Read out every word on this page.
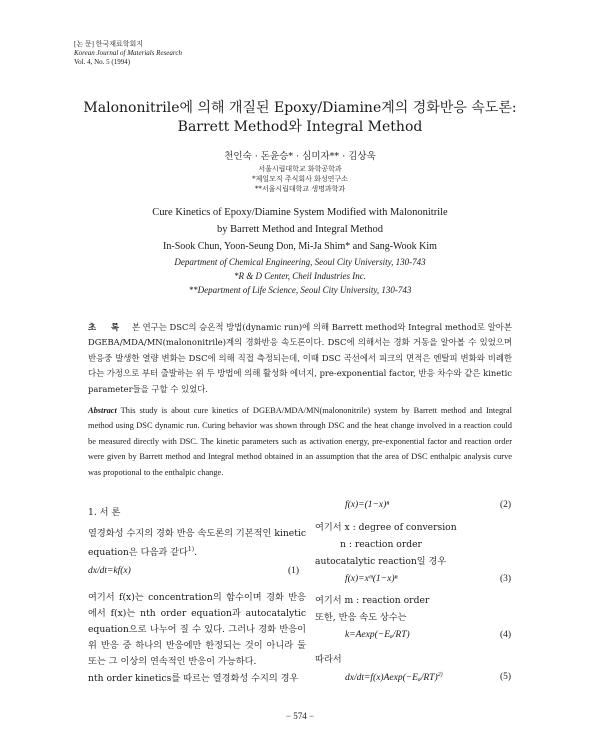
[논 문] 한국재료학회지
Korean Journal of Materials Research
Vol. 4, No. 5 (1994)
Malononitrile에 의해 개질된 Epoxy/Diamine계의 경화반응 속도론:
Barrett Method와 Integral Method
천인숙 · 돈윤승* · 심미자** · 김상욱
서울시립대학교 화학공학과
*제일모직 주식회사 화성연구소
**서울시립대학교 생명과학과
Cure Kinetics of Epoxy/Diamine System Modified with Malononitrile
by Barrett Method and Integral Method
In-Sook Chun, Yoon-Seung Don, Mi-Ja Shim* and Sang-Wook Kim
Department of Chemical Engineering, Seoul City University, 130-743
*R & D Center, Cheil Industries Inc.
**Department of Life Science, Seoul City University, 130-743
초 록 본 연구는 DSC의 승온적 방법(dynamic run)에 의해 Barrett method와 Integral method로 알아본 DGEBA/MDA/MN(malononitrile)계의 경화반응 속도론이다. DSC에 의해서는 경화 거동을 알아볼 수 있었으며 반응중 발생한 열량 변화는 DSC에 의해 직접 측정되는데, 이때 DSC 곡선에서 피크의 면적은 엔탈피 변화와 비례한다는 가정으로 부터 출발하는 위 두 방법에 의해 활성화 에너지, pre-exponential factor, 반응 차수와 같은 kinetic parameter들을 구할 수 있었다.
Abstract This study is about cure kinetics of DGEBA/MDA/MN(malononitrile) system by Barrett method and Integral method using DSC dynamic run. Curing behavior was shown through DSC and the heat change involved in a reaction could be measured directly with DSC. The kinetic parameters such as activation energy, pre-exponential factor and reaction order were given by Barrett method and Integral method obtained in an assumption that the area of DSC enthalpic analysis curve was propotional to the enthalpic change.
1. 서 론
열경화성 수지의 경화 반응 속도론의 기본적인 kinetic equation은 다음과 같다$^{1)}$.
dx/dt=kf(x)	(1)
여기서 f(x)는 concentration의 함수이며 경화 반응에서 f(x)는 nth order equation과 autocatalytic equation으로 나누어 질 수 있다. 그러나 경화 반응이 위 반응 중 하나의 반응에만 한정되는 것이 아니라 둘 또는 그 이상의 연속적인 반응이 가능하다.
nth order kinetics를 따르는 열경화성 수지의 경우
f(x)=(1−x)ⁿ	(2)
여기서 x : degree of conversion
n : reaction order
autocatalytic reaction일 경우
f(x)=xᵐ(1−x)ⁿ	(3)
여기서 m : reaction order
또한, 반응 속도 상수는
k=Aexp(−Eₐ/RT)	(4)
따라서
$dx/dt=f(x)Aexp(-E_a/RT)^{2)}$	(5)
− 574 −
